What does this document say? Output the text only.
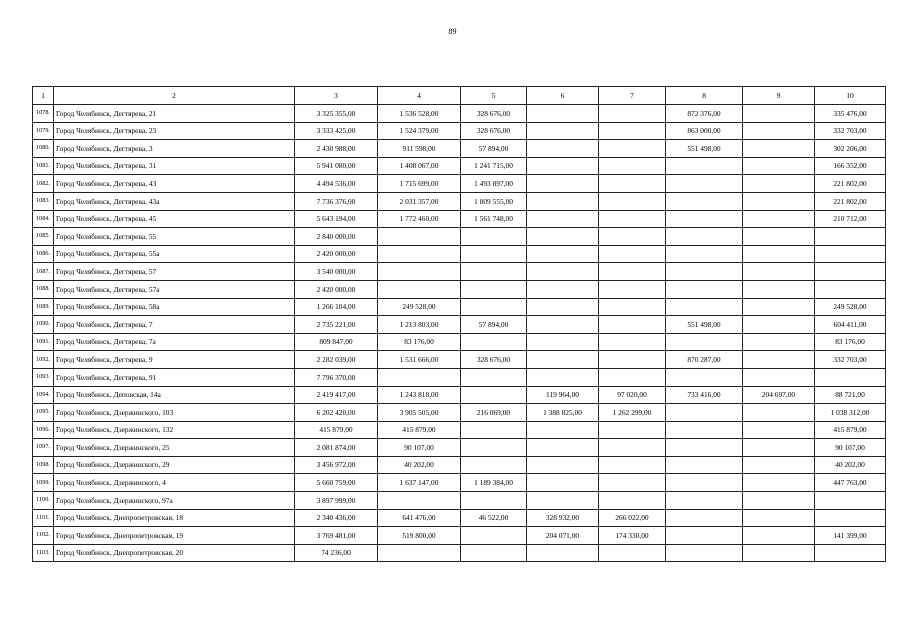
89
1	2	3	4	5	6	7	8	9	10
1078.	Город Челябинск, Дегтярева, 21	3 325 355,00	1 536 528,00	328 676,00			872 376,00		335 476,00
1079.	Город Челябинск, Дегтярева, 23	3 333 425,00	1 524 379,00	328 676,00			863 000,00		332 703,00
1080.	Город Челябинск, Дегтярева, 3	2 430 988,00	911 598,00	57 894,00			551 498,00		302 206,00
1081.	Город Челябинск, Дегтярева, 31	5 941 080,00	1 408 067,00	1 241 715,00					166 352,00
1082.	Город Челябинск, Дегтярева, 43	4 494 536,00	1 715 699,00	1 493 897,00					221 802,00
1083.	Город Челябинск, Дегтярева, 43а	7 736 376,00	2 031 357,00	1 809 555,00					221 802,00
1084.	Город Челябинск, Дегтярева, 45	5 643 194,00	1 772 460,00	1 561 748,00					210 712,00
1085.	Город Челябинск, Дегтярева, 55	2 840 000,00							
1086.	Город Челябинск, Дегтярева, 55а	2 420 000,00							
1087.	Город Челябинск, Дегтярева, 57	3 540 000,00							
1088.	Город Челябинск, Дегтярева, 57а	2 420 000,00							
1089.	Город Челябинск, Дегтярева, 58а	1 266 104,00	249 528,00						249 528,00
1090.	Город Челябинск, Дегтярева, 7	2 735 221,00	1 213 803,00	57 894,00			551 498,00		604 411,00
1091.	Город Челябинск, Дегтярева, 7а	809 847,00	83 176,00						83 176,00
1092.	Город Челябинск, Дегтярева, 9	2 282 039,00	1 531 666,00	328 676,00			870 287,00		332 703,00
1093.	Город Челябинск, Дегтярева, 91	7 796 370,00							
1094.	Город Челябинск, Деповская, 14а	2 419 417,00	1 243 818,00		119 964,00	97 020,00	733 416,00	204 697,00	88 721,00
1095.	Город Челябинск, Дзержинского, 103	6 202 420,00	3 905 505,00	216 069,00	1 388 825,00	1 262 299,00			1 038 312,00
1096.	Город Челябинск, Дзержинского, 132	415 879,00	415 879,00						415 879,00
1097.	Город Челябинск, Дзержинского, 25	2 081 874,00	90 107,00						90 107,00
1098.	Город Челябинск, Дзержинского, 29	3 456 972,00	40 202,00						40 202,00
1099.	Город Челябинск, Дзержинского, 4	5 660 759,00	1 637 147,00	1 189 384,00					447 763,00
1100.	Город Челябинск, Дзержинского, 97а	3 897 999,00							
1101.	Город Челябинск, Днепропетровская, 18	2 340 436,00	641 476,00	46 522,00	328 932,00	266 022,00			
1102.	Город Челябинск, Днепропетровская, 19	3 769 481,00	519 800,00		204 071,00	174 330,00			141 399,00
1103.	Город Челябинск, Днепропетровская, 20	74 236,00							
